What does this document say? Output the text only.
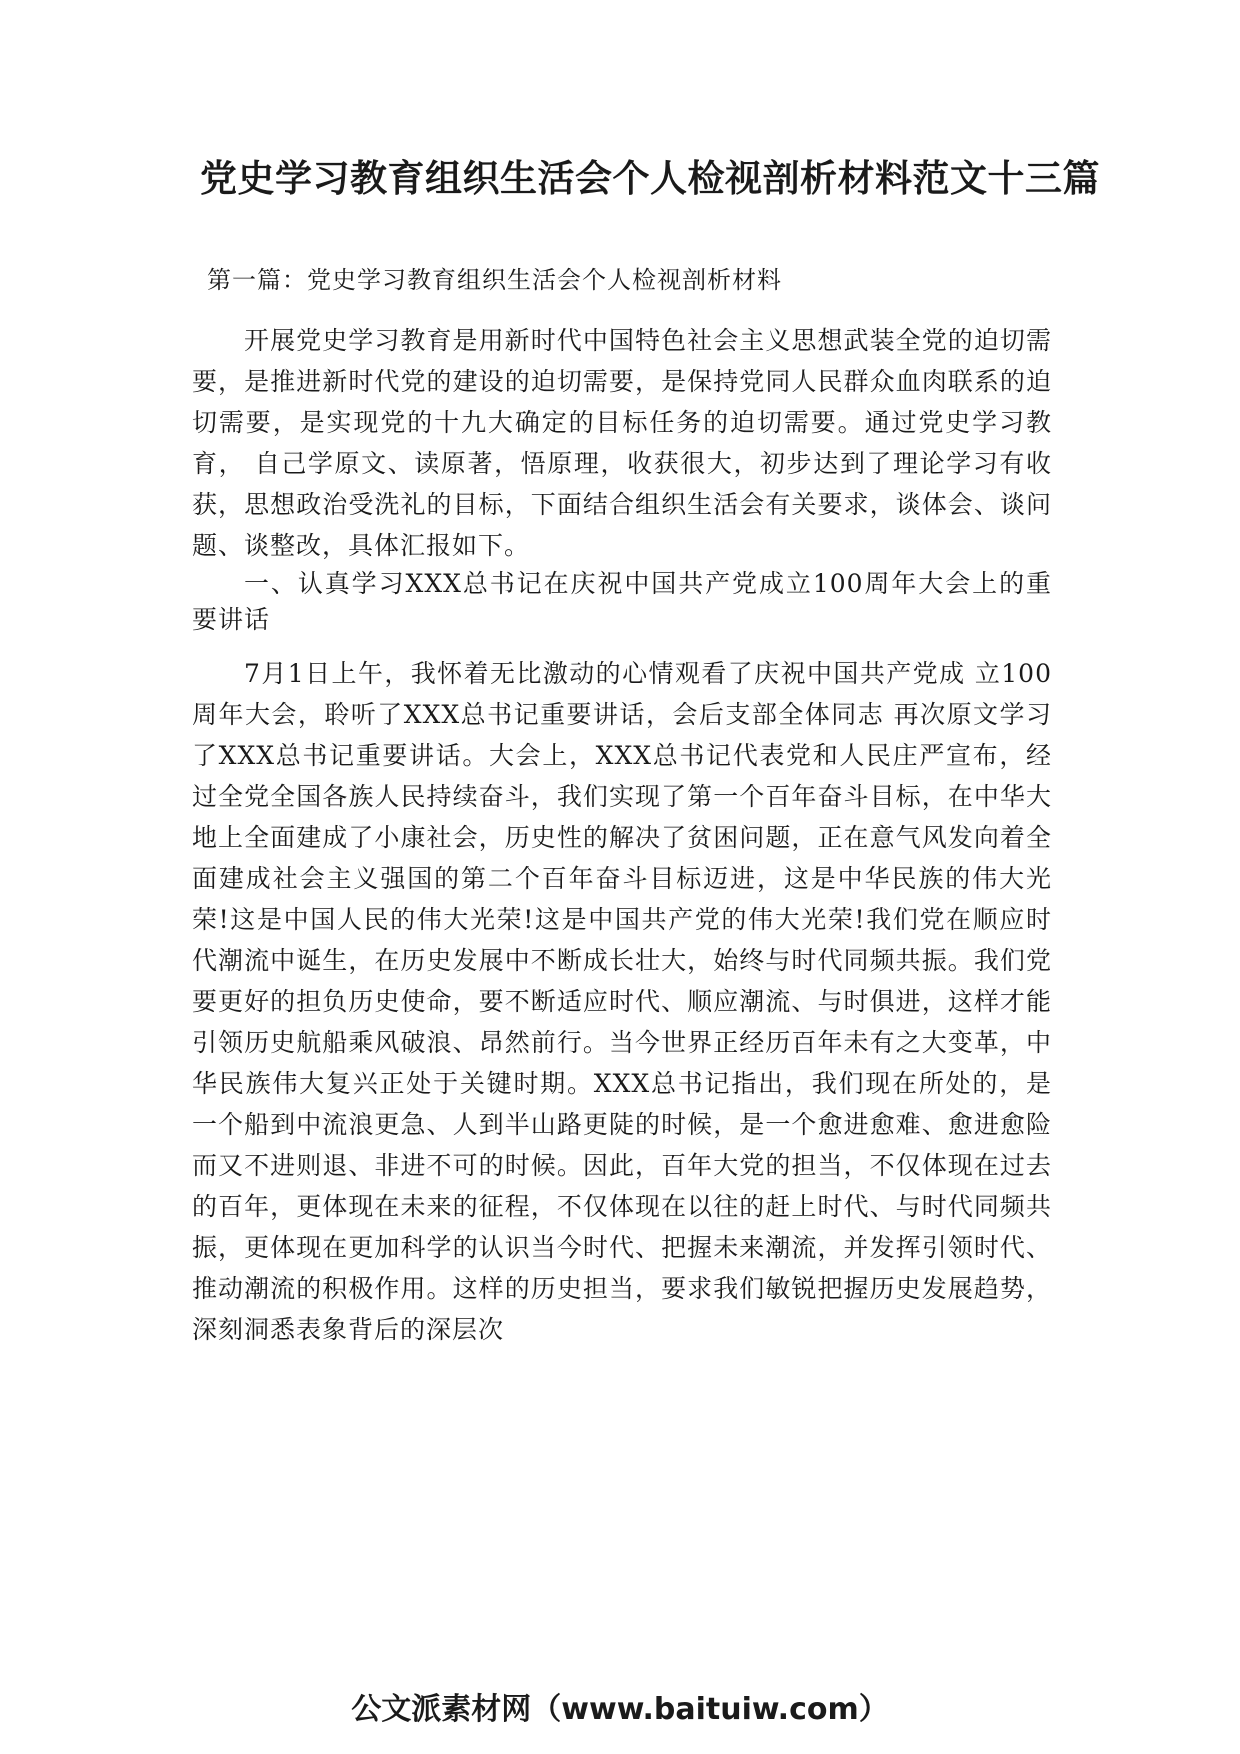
党史学习教育组织生活会个人检视剖析材料范文十三篇

第一篇：党史学习教育组织生活会个人检视剖析材料

开展党史学习教育是用新时代中国特色社会主义思想武装全党的迫切需要，是推进新时代党的建设的迫切需要，是保持党同人民群众血肉联系的迫切需要，是实现党的十九大确定的目标任务的迫切需要。通过党史学习教育， 自己学原文、读原著，悟原理，收获很大，初步达到了理论学习有收获，思想政治受洗礼的目标，下面结合组织生活会有关要求，谈体会、谈问题、谈整改，具体汇报如下。

一、认真学习XXX总书记在庆祝中国共产党成立100周年大会上的重要讲话

7月1日上午，我怀着无比激动的心情观看了庆祝中国共产党成 立100周年大会，聆听了XXX总书记重要讲话，会后支部全体同志 再次原文学习了XXX总书记重要讲话。大会上，XXX总书记代表党和人民庄严宣布，经过全党全国各族人民持续奋斗，我们实现了第一个百年奋斗目标，在中华大地上全面建成了小康社会，历史性的解决了贫困问题，正在意气风发向着全面建成社会主义强国的第二个百年奋斗目标迈进，这是中华民族的伟大光荣!这是中国人民的伟大光荣!这是中国共产党的伟大光荣!我们党在顺应时代潮流中诞生，在历史发展中不断成长壮大，始终与时代同频共振。我们党要更好的担负历史使命，要不断适应时代、顺应潮流、与时俱进，这样才能引领历史航船乘风破浪、昂然前行。当今世界正经历百年未有之大变革，中华民族伟大复兴正处于关键时期。XXX总书记指出，我们现在所处的，是一个船到中流浪更急、人到半山路更陡的时候，是一个愈进愈难、愈进愈险而又不进则退、非进不可的时候。因此，百年大党的担当，不仅体现在过去的百年，更体现在未来的征程，不仅体现在以往的赶上时代、与时代同频共振，更体现在更加科学的认识当今时代、把握未来潮流，并发挥引领时代、推动潮流的积极作用。这样的历史担当，要求我们敏锐把握历史发展趋势，深刻洞悉表象背后的深层次

公文派素材网（www.baituiw.com）
